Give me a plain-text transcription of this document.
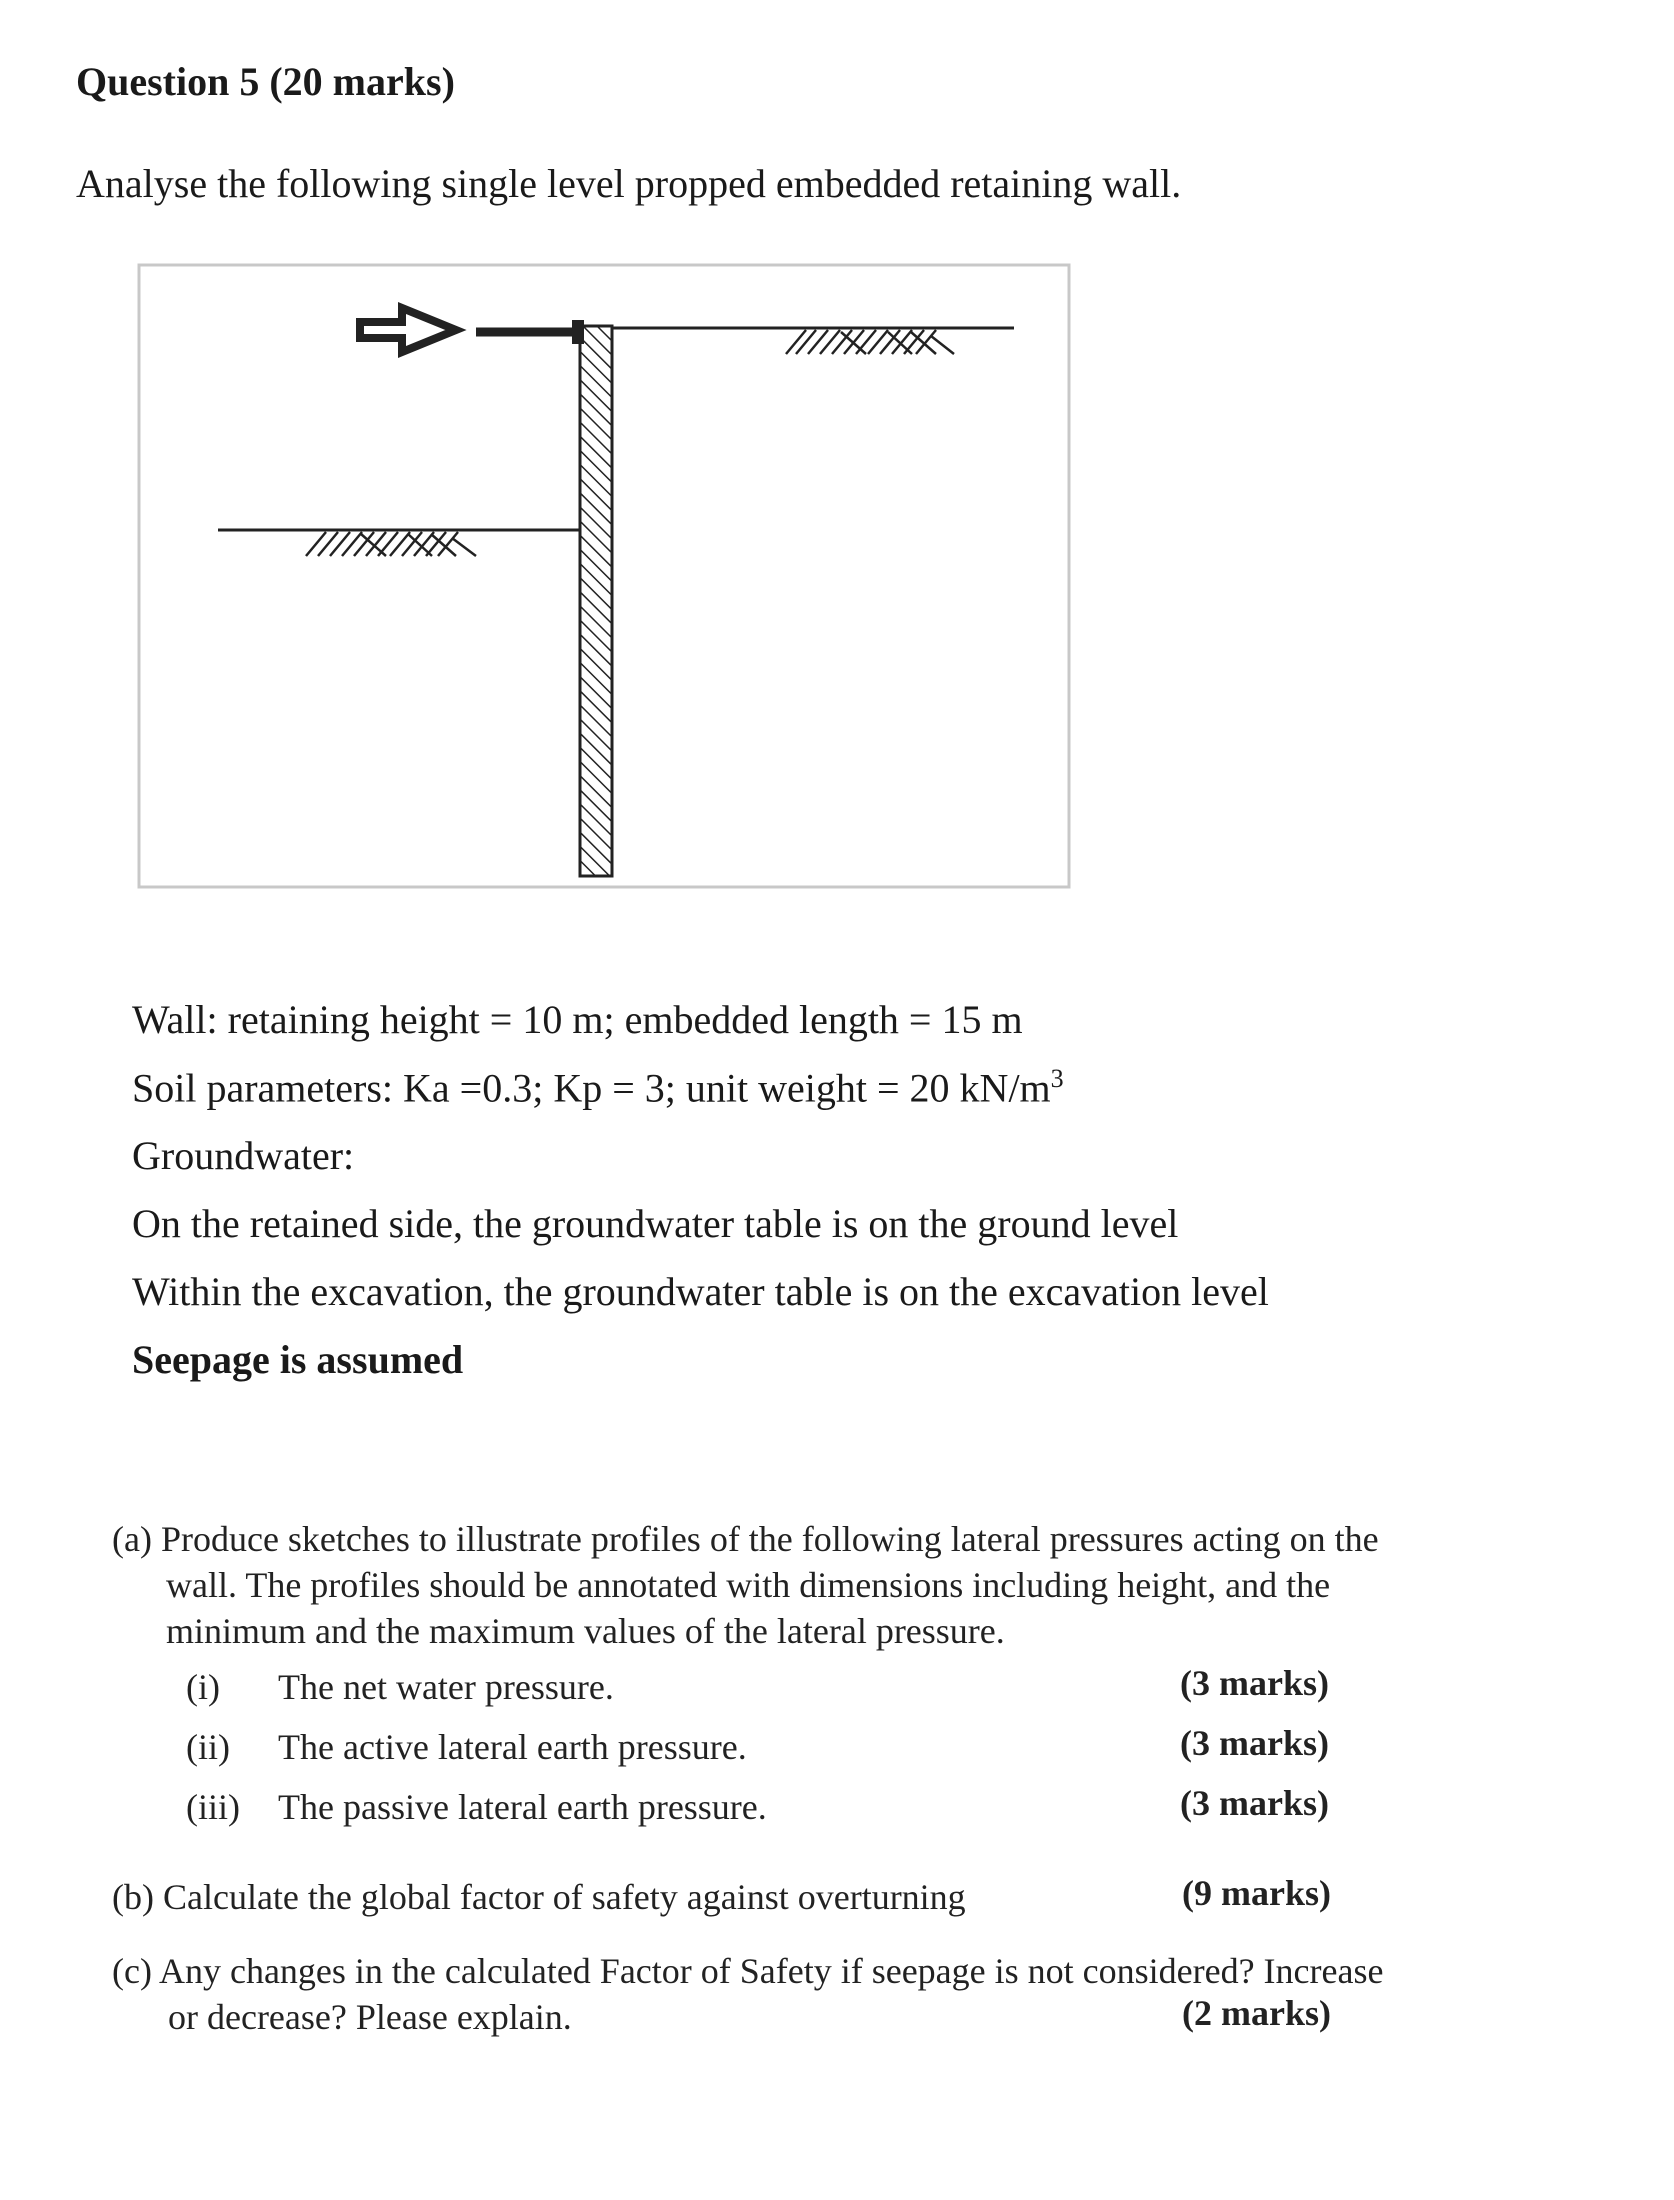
Question 5 (20 marks)
Analyse the following single level propped embedded retaining wall.
Wall: retaining height = 10 m; embedded length = 15 m
Soil parameters: Ka =0.3; Kp = 3; unit weight = 20 $kN/m^3$
Groundwater:
On the retained side, the groundwater table is on the ground level
Within the excavation, the groundwater table is on the excavation level
Seepage is assumed
(a) Produce sketches to illustrate profiles of the following lateral pressures acting on the
wall. The profiles should be annotated with dimensions including height, and the
minimum and the maximum values of the lateral pressure.
(i) The net water pressure.	(3 marks)
(ii) The active lateral earth pressure.	(3 marks)
(iii) The passive lateral earth pressure.	(3 marks)
(b) Calculate the global factor of safety against overturning	(9 marks)
(c) Any changes in the calculated Factor of Safety if seepage is not considered? Increase
or decrease? Please explain.	(2 marks)
